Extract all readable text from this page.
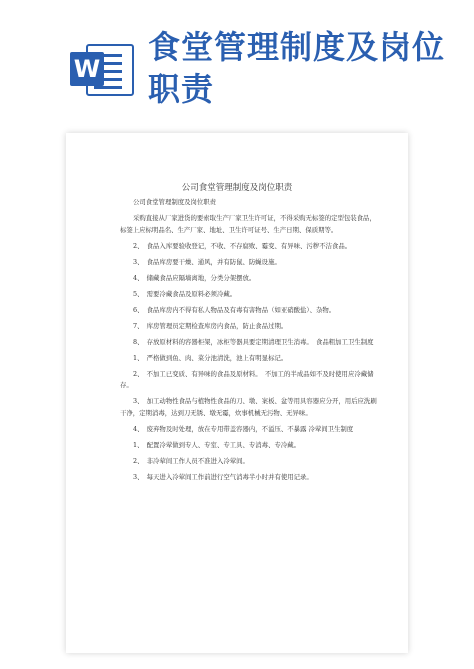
W
食堂管理制度及岗位职责
公司食堂管理制度及岗位职责

公司食堂管理制度及岗位职责

采购直接从厂家进货的要索取生产厂家卫生许可证，不得采购无标签的定型包装食品，标签上应标明品名、生产厂家、地址、卫生许可证号、生产日期、保质期等。

2、　食品入库要验收登记，不收、不存腐败、霉变、有异味、污秽不洁食品。

3、　食品库房要干燥、通风，并有防鼠、防蝇设施。

4、　储藏食品应隔墙离地，分类分架摆放。

5、　需要冷藏食品及原料必须冷藏。

6、　食品库房内不得有私人物品及有毒有害物品（如亚硝酸盐）、杂物。

7、　库房管理员定期检查库房内食品，防止食品过期。

8、　存放原材料的容器柜架，冰柜等器具要定期清理卫生消毒。　食品粗加工卫生制度

1、　严格做到鱼、肉、菜分池清洗，池上有明显标记。

2、　不加工已变质、有异味的食品及原材料。　不加工的半成品如不及时使用应冷藏储存。

3、　加工动物性食品与植物性食品的刀、墩、案板、盆等用具容器应分开，用后应洗刷干净，定期消毒，达到刀无锈、墩无霉，炊事机械无污物、无异味。

4、　废弃物及时处理，放在专用带盖容器内，不溢压、不暴露 冷荤间卫生制度

1、　配置冷荤做到专人、专室、专工具、专消毒、专冷藏。

2、　非冷荤间工作人员不准进入冷荤间。

3、　每天进入冷荤间工作前进行空气消毒半小时并有使用记录。
